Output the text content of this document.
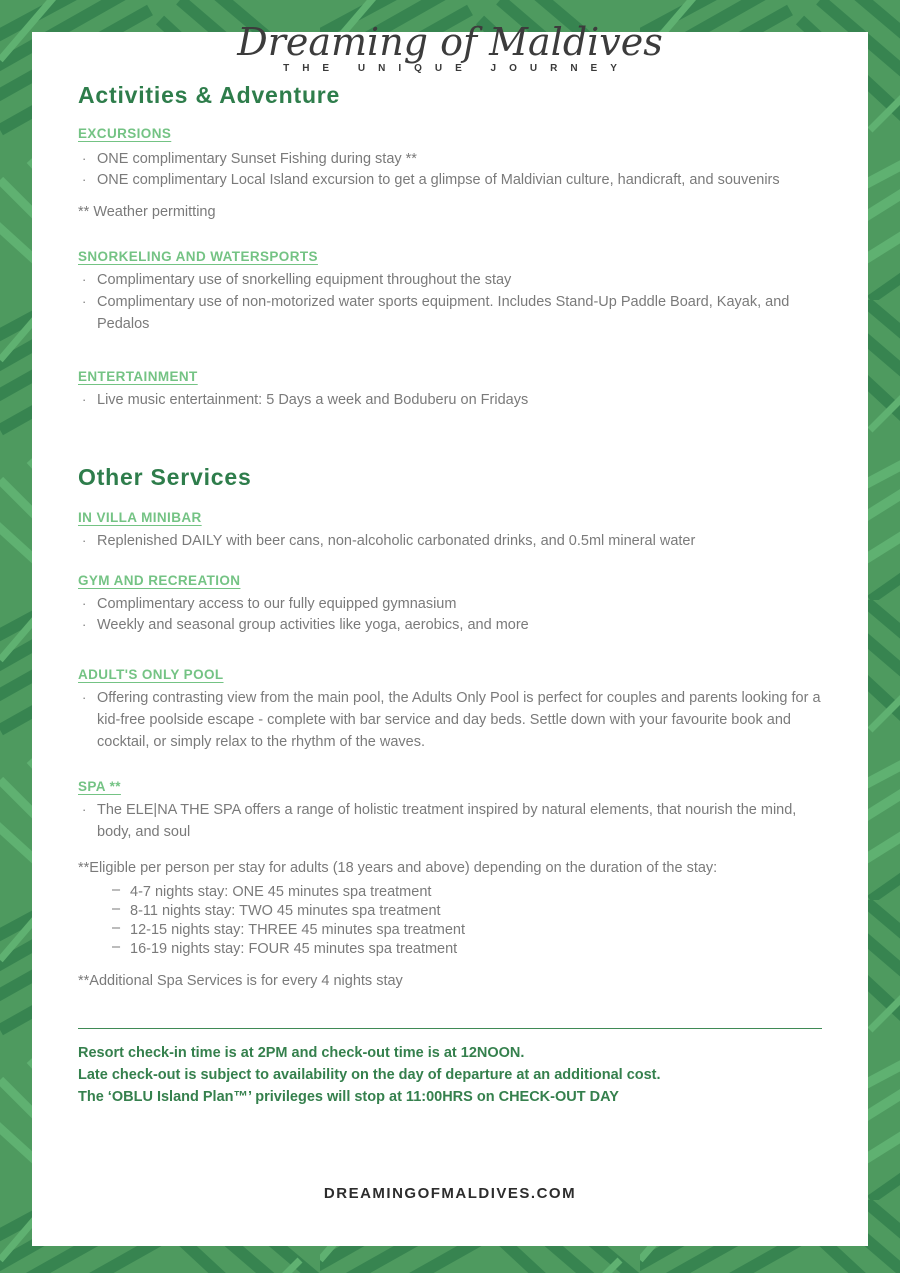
Dreaming of Maldives
THE UNIQUE JOURNEY
Activities & Adventure
EXCURSIONS
· ONE complimentary Sunset Fishing during stay **
· ONE complimentary Local Island excursion to get a glimpse of Maldivian culture, handicraft, and souvenirs
** Weather permitting
SNORKELING AND WATERSPORTS
· Complimentary use of snorkelling equipment throughout the stay
· Complimentary use of non-motorized water sports equipment. Includes Stand-Up Paddle Board, Kayak, and Pedalos
ENTERTAINMENT
· Live music entertainment: 5 Days a week and Boduberu on Fridays
Other Services
IN VILLA MINIBAR
· Replenished DAILY with beer cans, non-alcoholic carbonated drinks, and 0.5ml mineral water
GYM AND RECREATION
· Complimentary access to our fully equipped gymnasium
· Weekly and seasonal group activities like yoga, aerobics, and more
ADULT'S ONLY POOL
· Offering contrasting view from the main pool, the Adults Only Pool is perfect for couples and parents looking for a kid-free poolside escape - complete with bar service and day beds. Settle down with your favourite book and cocktail, or simply relax to the rhythm of the waves.
SPA **
· The ELE|NA THE SPA offers a range of holistic treatment inspired by natural elements, that nourish the mind, body, and soul
**Eligible per person per stay for adults (18 years and above) depending on the duration of the stay:
– 4-7 nights stay: ONE 45 minutes spa treatment
– 8-11 nights stay: TWO 45 minutes spa treatment
– 12-15 nights stay: THREE 45 minutes spa treatment
– 16-19 nights stay: FOUR 45 minutes spa treatment
**Additional Spa Services is for every 4 nights stay
Resort check-in time is at 2PM and check-out time is at 12NOON.
Late check-out is subject to availability on the day of departure at an additional cost.
The ‘OBLU Island Plan™’ privileges will stop at 11:00HRS on CHECK-OUT DAY
DREAMINGOFMALDIVES.COM
